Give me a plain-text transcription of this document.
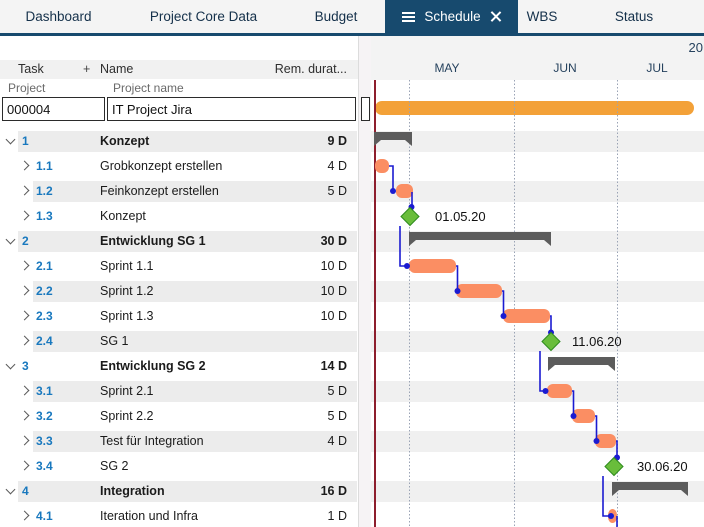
Dashboard	Project Core Data	Budget	Schedule	WBS	Status
Task	+ Name	Rem. durat...
Project	Project name
000004
IT Project Jira
1	Konzept	9 D
1.1	Grobkonzept erstellen	4 D
1.2	Feinkonzept erstellen	5 D
1.3	Konzept
2	Entwicklung SG 1	30 D
2.1	Sprint 1.1	10 D
2.2	Sprint 1.2	10 D
2.3	Sprint 1.3	10 D
2.4	SG 1
3	Entwicklung SG 2	14 D
3.1	Sprint 2.1	5 D
3.2	Sprint 2.2	5 D
3.3	Test für Integration	4 D
3.4	SG 2
4	Integration	16 D
4.1	Iteration und Infra	1 D
20
MAY	JUN	JUL
01.05.20
11.06.20
30.06.20
